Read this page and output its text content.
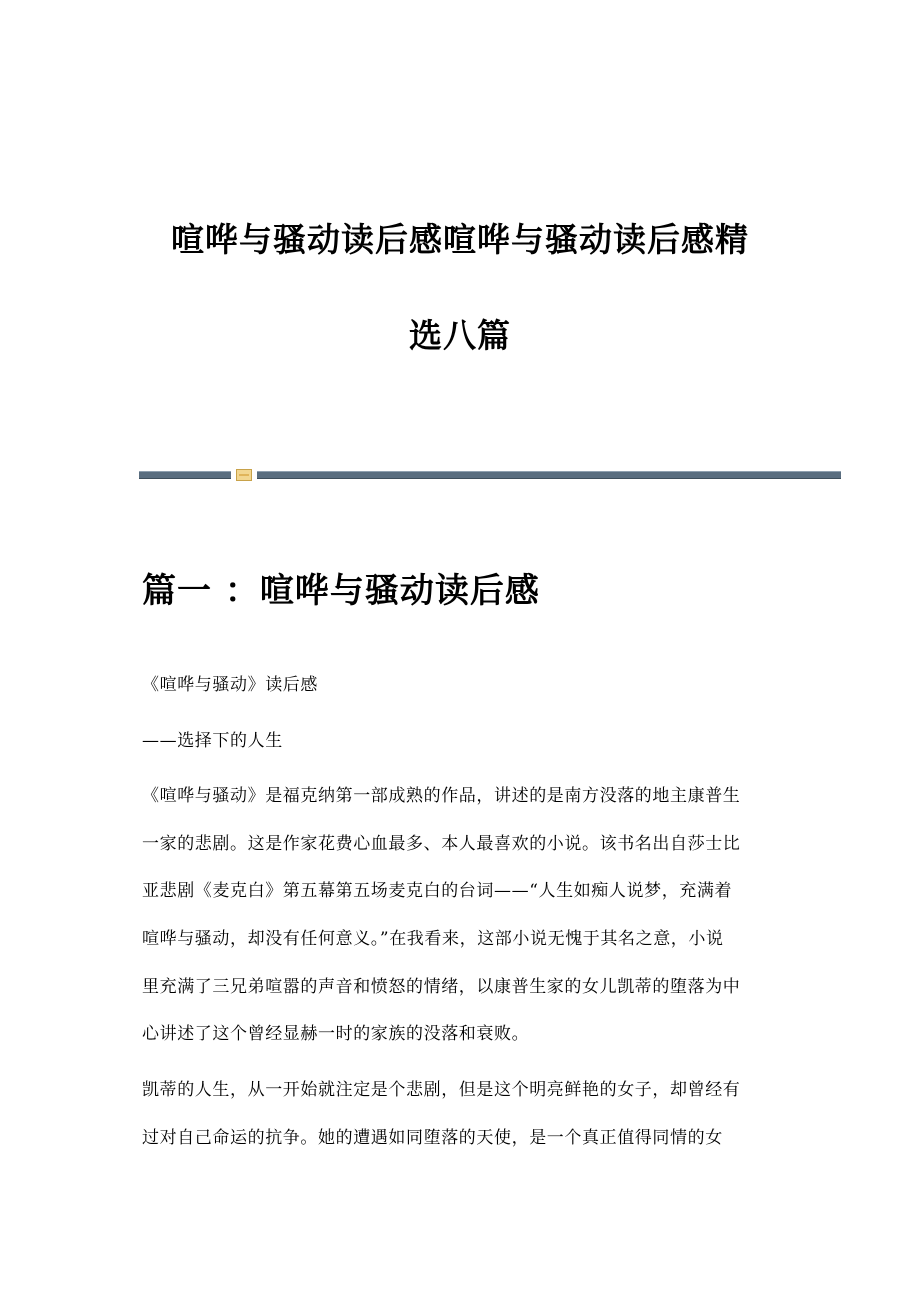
喧哗与骚动读后感喧哗与骚动读后感精
选八篇
篇一 ：喧哗与骚动读后感
《喧哗与骚动》读后感
——选择下的人生
《喧哗与骚动》是福克纳第一部成熟的作品，讲述的是南方没落的地主康普生
一家的悲剧。这是作家花费心血最多、本人最喜欢的小说。该书名出自莎士比
亚悲剧《麦克白》第五幕第五场麦克白的台词——“人生如痴人说梦，充满着
喧哗与骚动，却没有任何意义。”在我看来，这部小说无愧于其名之意，小说
里充满了三兄弟喧嚣的声音和愤怒的情绪，以康普生家的女儿凯蒂的堕落为中
心讲述了这个曾经显赫一时的家族的没落和衰败。
凯蒂的人生，从一开始就注定是个悲剧，但是这个明亮鲜艳的女子，却曾经有
过对自己命运的抗争。她的遭遇如同堕落的天使，是一个真正值得同情的女
